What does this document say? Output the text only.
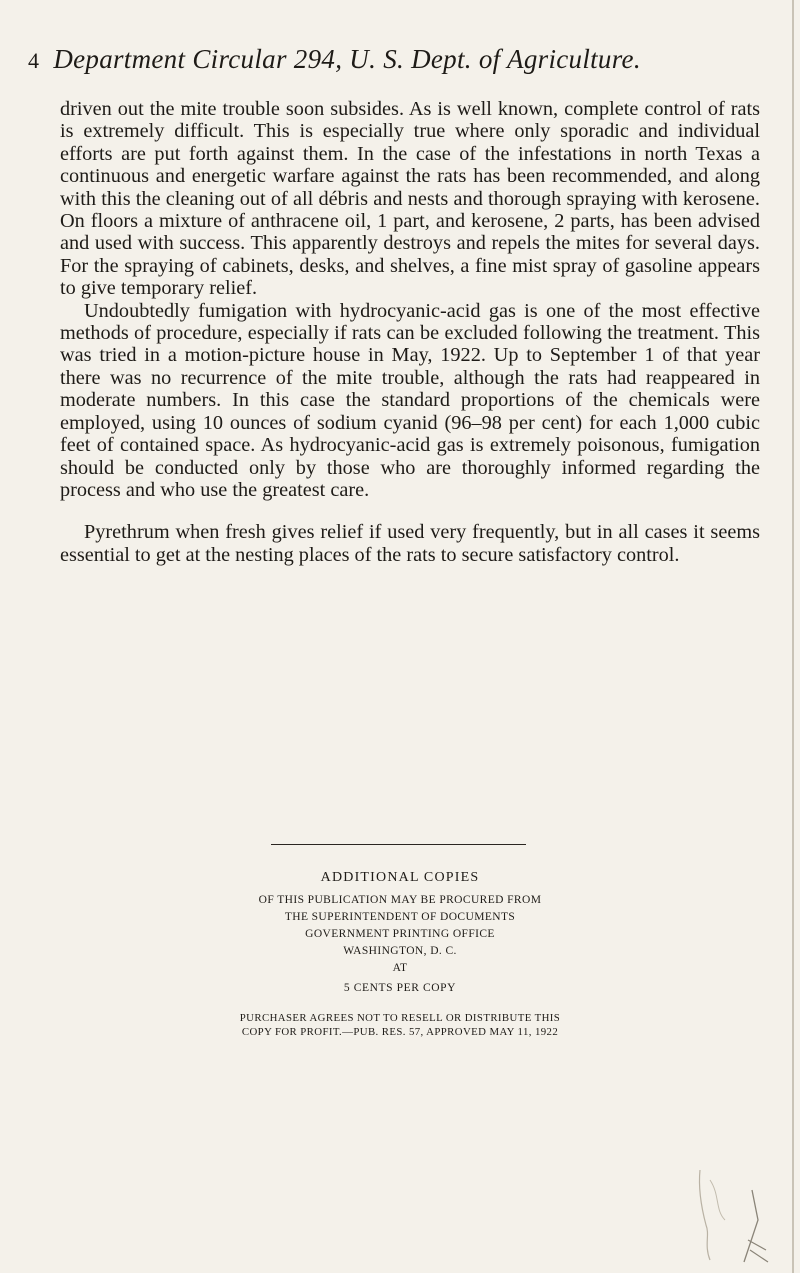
4 Department Circular 294, U. S. Dept. of Agriculture.

driven out the mite trouble soon subsides. As is well known, complete control of rats is extremely difficult. This is especially true where only sporadic and individual efforts are put forth against them. In the case of the infestations in north Texas a continuous and energetic warfare against the rats has been recommended, and along with this the cleaning out of all débris and nests and thorough spraying with kerosene. On floors a mixture of anthracene oil, 1 part, and kerosene, 2 parts, has been advised and used with success. This apparently destroys and repels the mites for several days. For the spraying of cabinets, desks, and shelves, a fine mist spray of gasoline appears to give temporary relief.

Undoubtedly fumigation with hydrocyanic-acid gas is one of the most effective methods of procedure, especially if rats can be excluded following the treatment. This was tried in a motion-picture house in May, 1922. Up to September 1 of that year there was no recurrence of the mite trouble, although the rats had reappeared in moderate numbers. In this case the standard proportions of the chemicals were employed, using 10 ounces of sodium cyanid (96–98 per cent) for each 1,000 cubic feet of contained space. As hydrocyanic-acid gas is extremely poisonous, fumigation should be conducted only by those who are thoroughly informed regarding the process and who use the greatest care.

Pyrethrum when fresh gives relief if used very frequently, but in all cases it seems essential to get at the nesting places of the rats to secure satisfactory control.

ADDITIONAL COPIES
OF THIS PUBLICATION MAY BE PROCURED FROM
THE SUPERINTENDENT OF DOCUMENTS
GOVERNMENT PRINTING OFFICE
WASHINGTON, D. C.
AT
5 CENTS PER COPY
PURCHASER AGREES NOT TO RESELL OR DISTRIBUTE THIS
COPY FOR PROFIT.—PUB. RES. 57, APPROVED MAY 11, 1922
